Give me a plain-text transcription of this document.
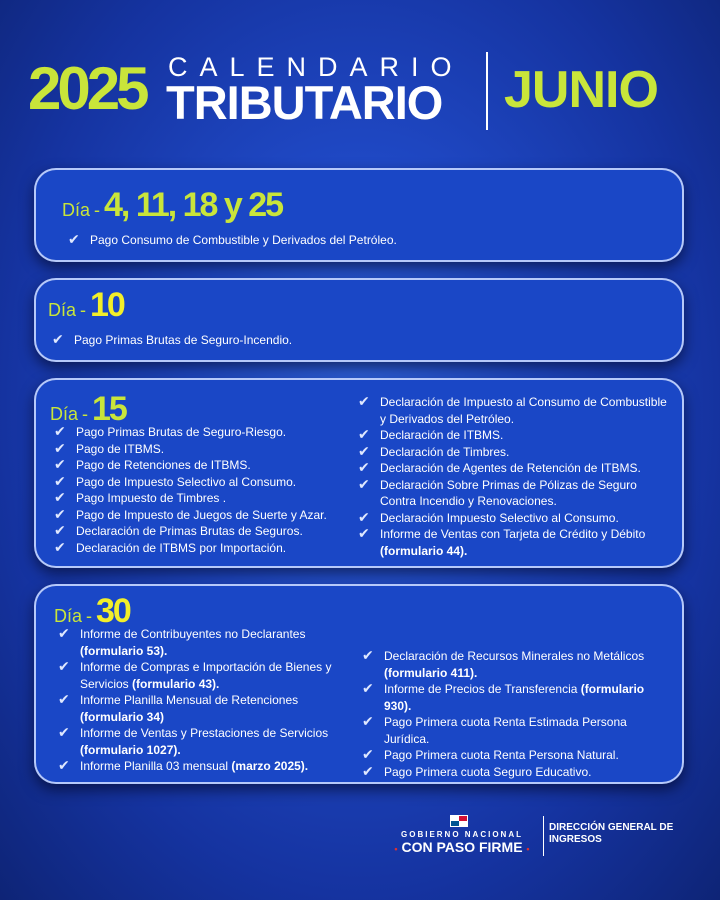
2025 CALENDARIO
TRIBUTARIO JUNIO
Día - 4, 11, 18 y 25
✔ Pago Consumo de Combustible y Derivados del Petróleo.
Día - 10
✔ Pago Primas Brutas de Seguro-Incendio.
Día - 15
✔ Pago Primas Brutas de Seguro-Riesgo.
✔ Pago de ITBMS.
✔ Pago de Retenciones de ITBMS.
✔ Pago de Impuesto Selectivo al Consumo.
✔ Pago Impuesto de Timbres .
✔ Pago de Impuesto de Juegos de Suerte y Azar.
✔ Declaración de Primas Brutas de Seguros.
✔ Declaración de ITBMS por Importación.
✔ Declaración de Impuesto al Consumo de Combustible y Derivados del Petróleo.
✔ Declaración de ITBMS.
✔ Declaración de Timbres.
✔ Declaración de Agentes de Retención de ITBMS.
✔ Declaración Sobre Primas de Pólizas de Seguro Contra Incendio y Renovaciones.
✔ Declaración Impuesto Selectivo al Consumo.
✔ Informe de Ventas con Tarjeta de Crédito y Débito (formulario 44).
Día - 30
✔ Informe de Contribuyentes no Declarantes (formulario 53).
✔ Informe de Compras e Importación de Bienes y Servicios (formulario 43).
✔ Informe Planilla Mensual de Retenciones (formulario 34)
✔ Informe de Ventas y Prestaciones de Servicios (formulario 1027).
✔ Informe Planilla 03 mensual (marzo 2025).
✔ Declaración de Recursos Minerales no Metálicos (formulario 411).
✔ Informe de Precios de Transferencia (formulario 930).
✔ Pago Primera cuota Renta Estimada Persona Jurídica.
✔ Pago Primera cuota Renta Persona Natural.
✔ Pago Primera cuota Seguro Educativo.
GOBIERNO NACIONAL
• CON PASO FIRME •
DIRECCIÓN GENERAL DE INGRESOS
